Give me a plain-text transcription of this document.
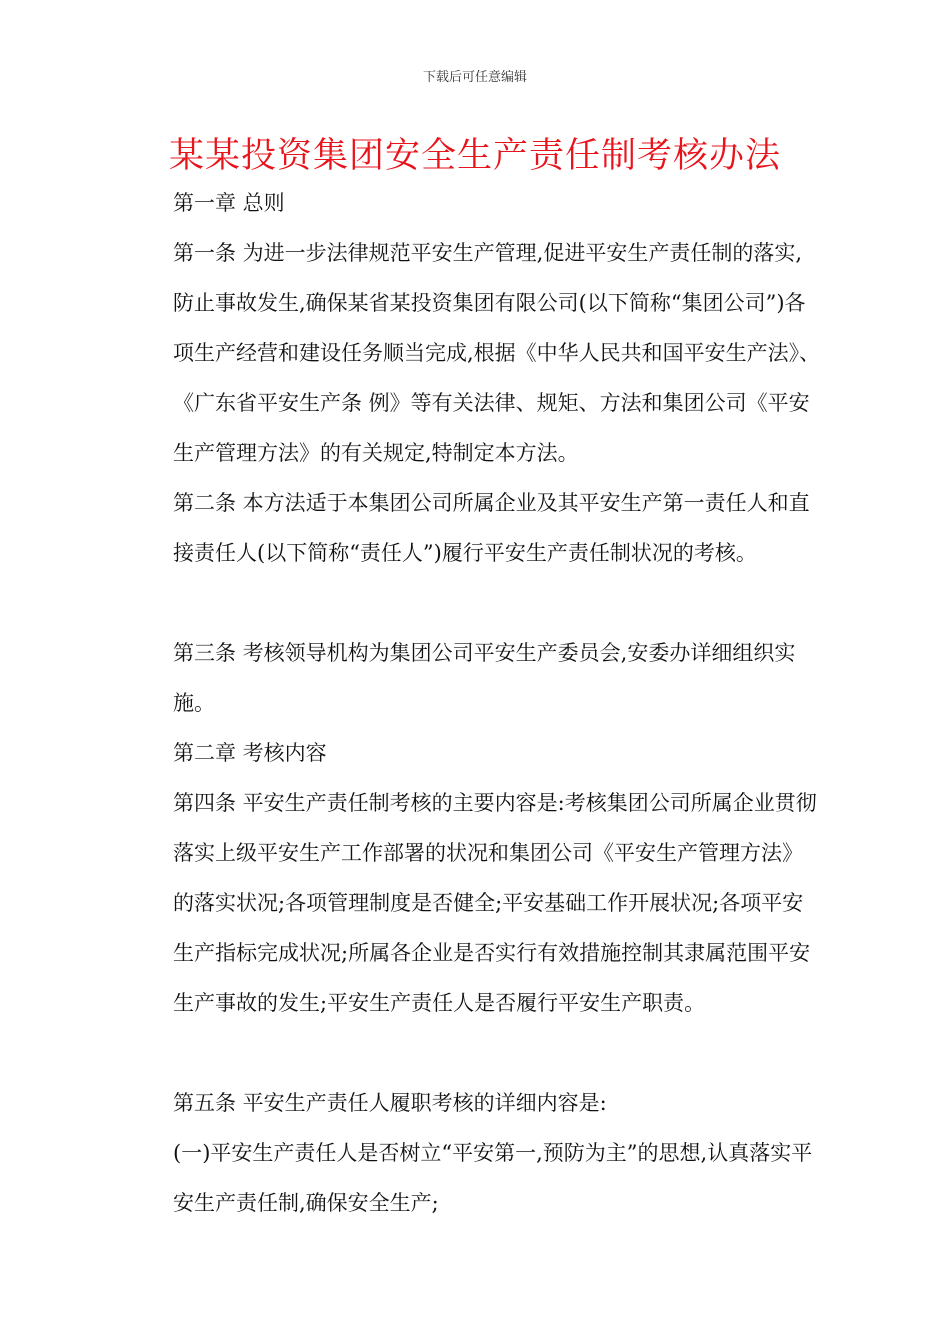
下载后可任意编辑
某某投资集团安全生产责任制考核办法

第一章 总则

第一条 为进一步法律规范平安生产管理,促进平安生产责任制的落实,防止事故发生,确保某省某投资集团有限公司(以下简称“集团公司”)各项生产经营和建设任务顺当完成,根据《中华人民共和国平安生产法》、《广东省平安生产条 例》等有关法律、规矩、方法和集团公司《平安生产管理方法》的有关规定,特制定本方法。

第二条 本方法适于本集团公司所属企业及其平安生产第一责任人和直接责任人(以下简称“责任人”)履行平安生产责任制状况的考核。

第三条 考核领导机构为集团公司平安生产委员会,安委办详细组织实施。

第二章 考核内容

第四条 平安生产责任制考核的主要内容是:考核集团公司所属企业贯彻落实上级平安生产工作部署的状况和集团公司《平安生产管理方法》的落实状况;各项管理制度是否健全;平安基础工作开展状况;各项平安生产指标完成状况;所属各企业是否实行有效措施控制其隶属范围平安生产事故的发生;平安生产责任人是否履行平安生产职责。

第五条 平安生产责任人履职考核的详细内容是:

(一)平安生产责任人是否树立“平安第一,预防为主”的思想,认真落实平安生产责任制,确保安全生产;
